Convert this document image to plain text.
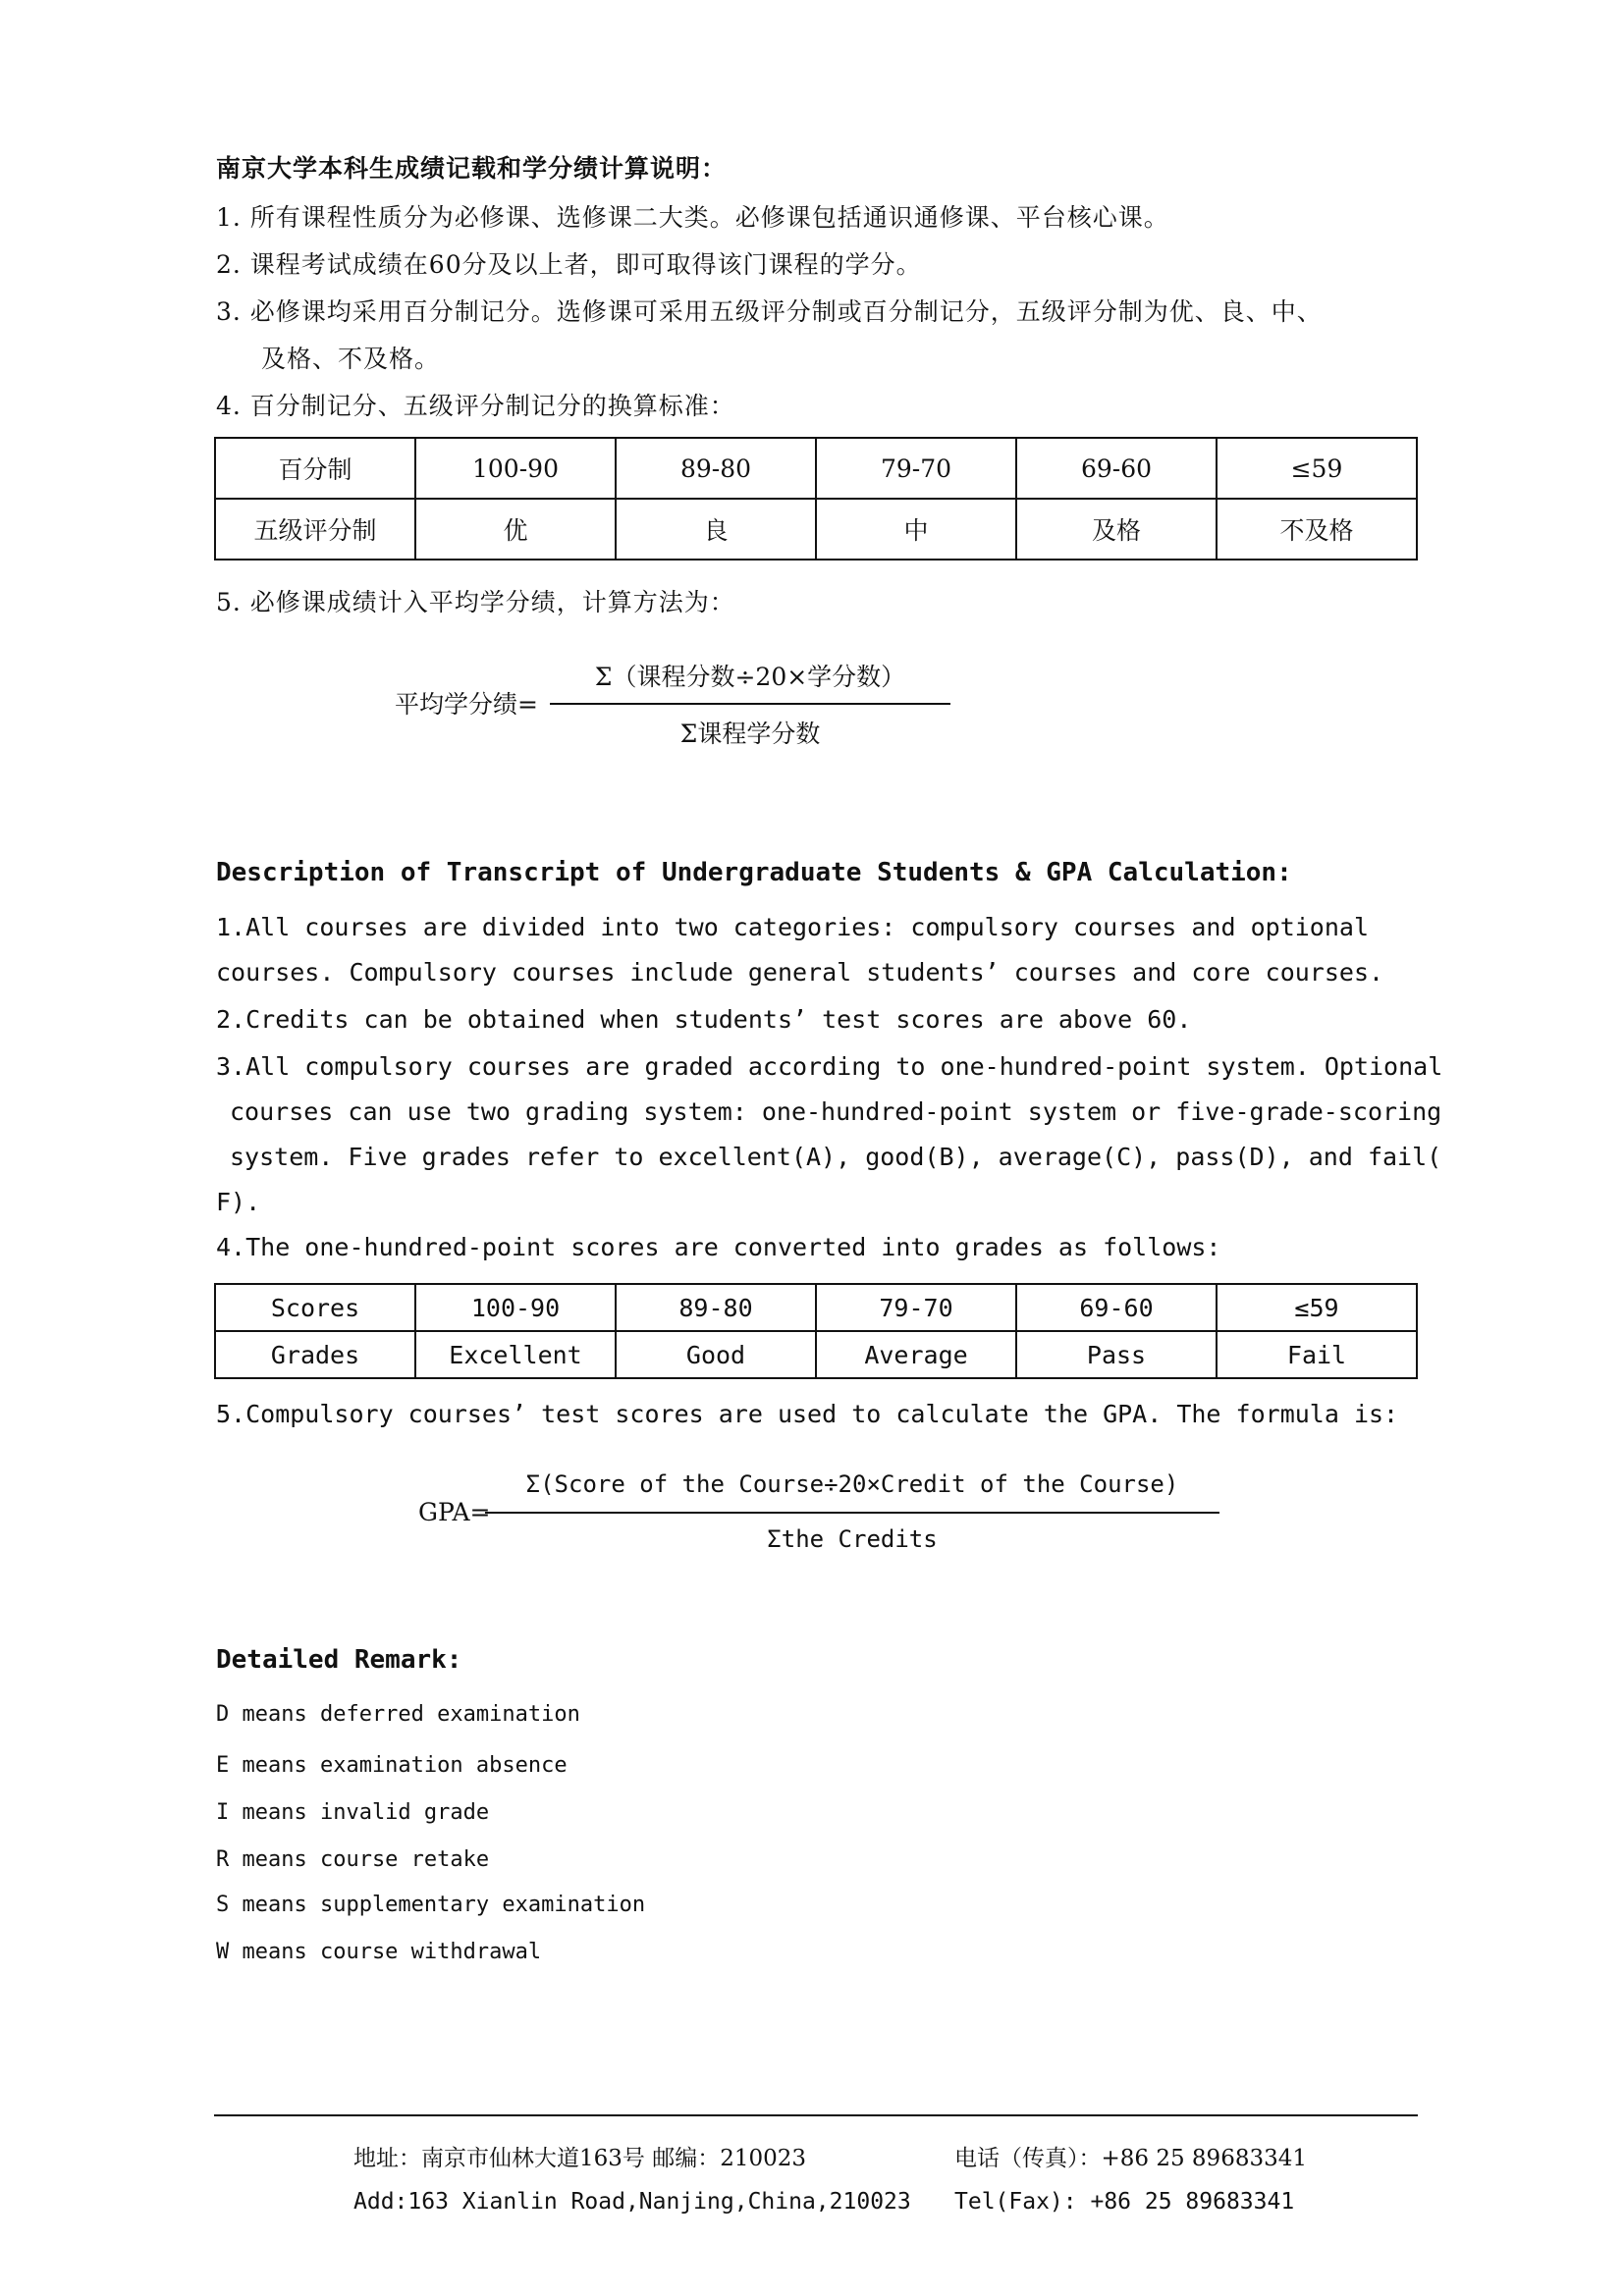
南京大学本科生成绩记载和学分绩计算说明：
1. 所有课程性质分为必修课、选修课二大类。必修课包括通识通修课、平台核心课。
2. 课程考试成绩在60分及以上者，即可取得该门课程的学分。
3. 必修课均采用百分制记分。选修课可采用五级评分制或百分制记分，五级评分制为优、良、中、
及格、不及格。
4. 百分制记分、五级评分制记分的换算标准：
百分制	100-90	89-80	79-70	69-60	≤59
五级评分制	优	良	中	及格	不及格
5. 必修课成绩计入平均学分绩，计算方法为：
平均学分绩=
Σ（课程分数÷20×学分数）
Σ课程学分数
Description of Transcript of Undergraduate Students & GPA Calculation:
1.All courses are divided into two categories: compulsory courses and optional
courses. Compulsory courses include general students’ courses and core courses.
2.Credits can be obtained when students’ test scores are above 60.
3.All compulsory courses are graded according to one-hundred-point system. Optional
courses can use two grading system: one-hundred-point system or five-grade-scoring
system. Five grades refer to excellent(A), good(B), average(C), pass(D), and fail(
F).
4.The one-hundred-point scores are converted into grades as follows:
Scores	100-90	89-80	79-70	69-60	≤59
Grades	Excellent	Good	Average	Pass	Fail
5.Compulsory courses’ test scores are used to calculate the GPA. The formula is:
GPA=
Σ(Score of the Course÷20×Credit of the Course)
Σthe Credits
Detailed Remark:
D means deferred examination
E means examination absence
I means invalid grade
R means course retake
S means supplementary examination
W means course withdrawal
地址：南京市仙林大道163号 邮编：210023	电话（传真）：+86 25 89683341
Add:163 Xianlin Road,Nanjing,China,210023 Tel(Fax): +86 25 89683341
